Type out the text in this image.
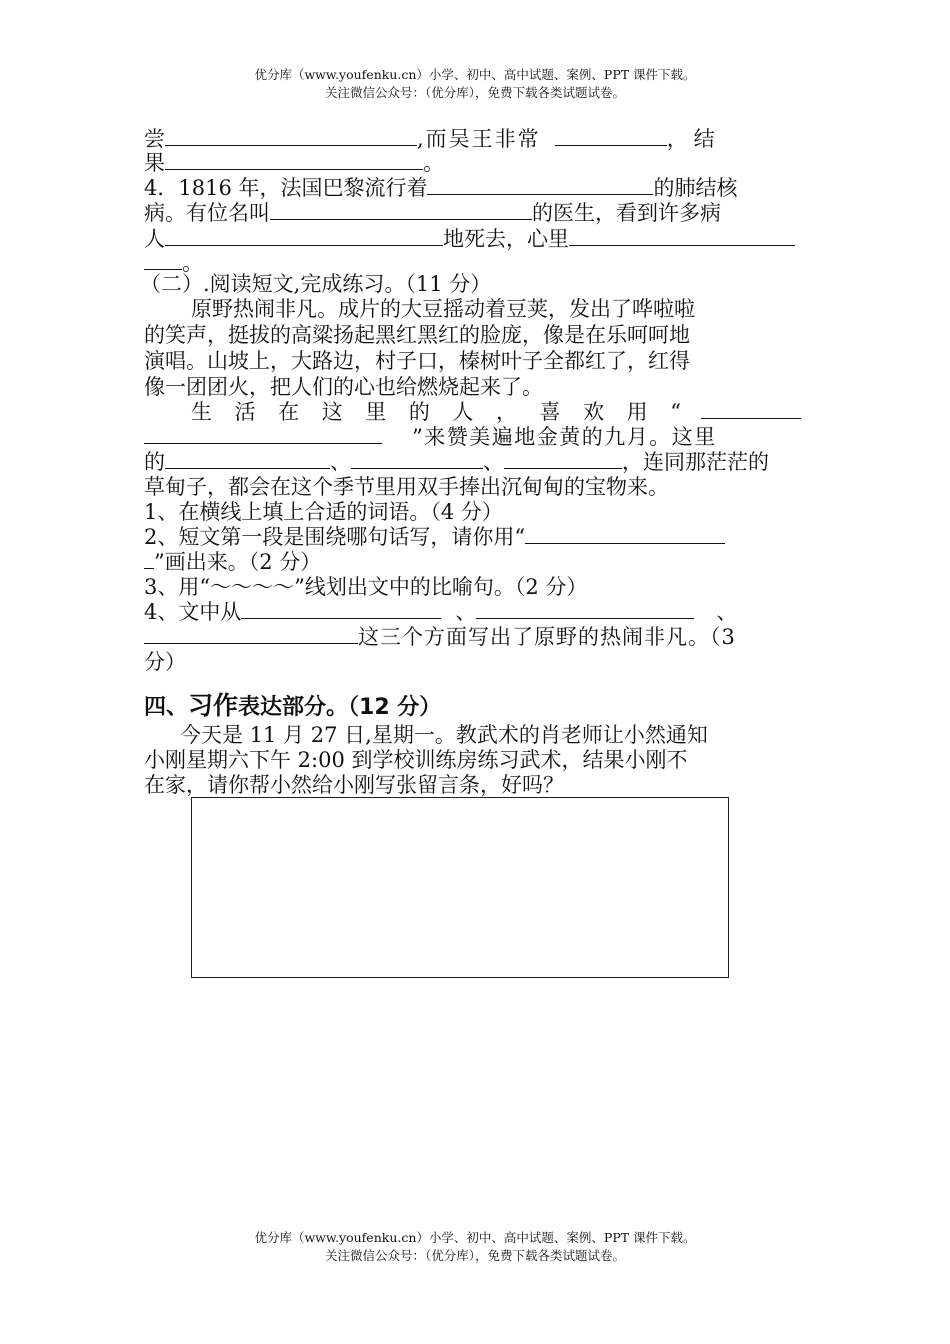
优分库（www.youfenku.cn）小学、初中、高中试题、案例、PPT 课件下载。
关注微信公众号：（优分库），免费下载各类试题试卷。
尝	,而吴王非常	，结
果	。
4．1816 年，法国巴黎流行着	的肺结核
病。有位名叫	的医生，看到许多病
人	地死去，心里
。
（二）.阅读短文,完成练习。（11 分）
原野热闹非凡。成片的大豆摇动着豆荚，发出了哗啦啦
的笑声，挺拔的高粱扬起黑红黑红的脸庞，像是在乐呵呵地
演唱。山坡上，大路边，村子口，榛树叶子全都红了，红得
像一团团火，把人们的心也给燃烧起来了。
生 活 在 这 里 的 人 ， 喜 欢 用 “
”来赞美遍地金黄的九月。这里
的	、	、	，连同那茫茫的
草甸子，都会在这个季节里用双手捧出沉甸甸的宝物来。
1、在横线上填上合适的词语。（4 分）
2、短文第一段是围绕哪句话写，请你用“
”画出来。（2 分）
3、用“～～～～”线划出文中的比喻句。（2 分）
4、文中从	、	、
这三个方面写出了原野的热闹非凡。（3
分）
四、习作表达部分。（12 分）
今天是 11 月 27 日,星期一。教武术的肖老师让小然通知
小刚星期六下午 2:00 到学校训练房练习武术，结果小刚不
在家，请你帮小然给小刚写张留言条，好吗？
优分库（www.youfenku.cn）小学、初中、高中试题、案例、PPT 课件下载。
关注微信公众号：（优分库），免费下载各类试题试卷。
